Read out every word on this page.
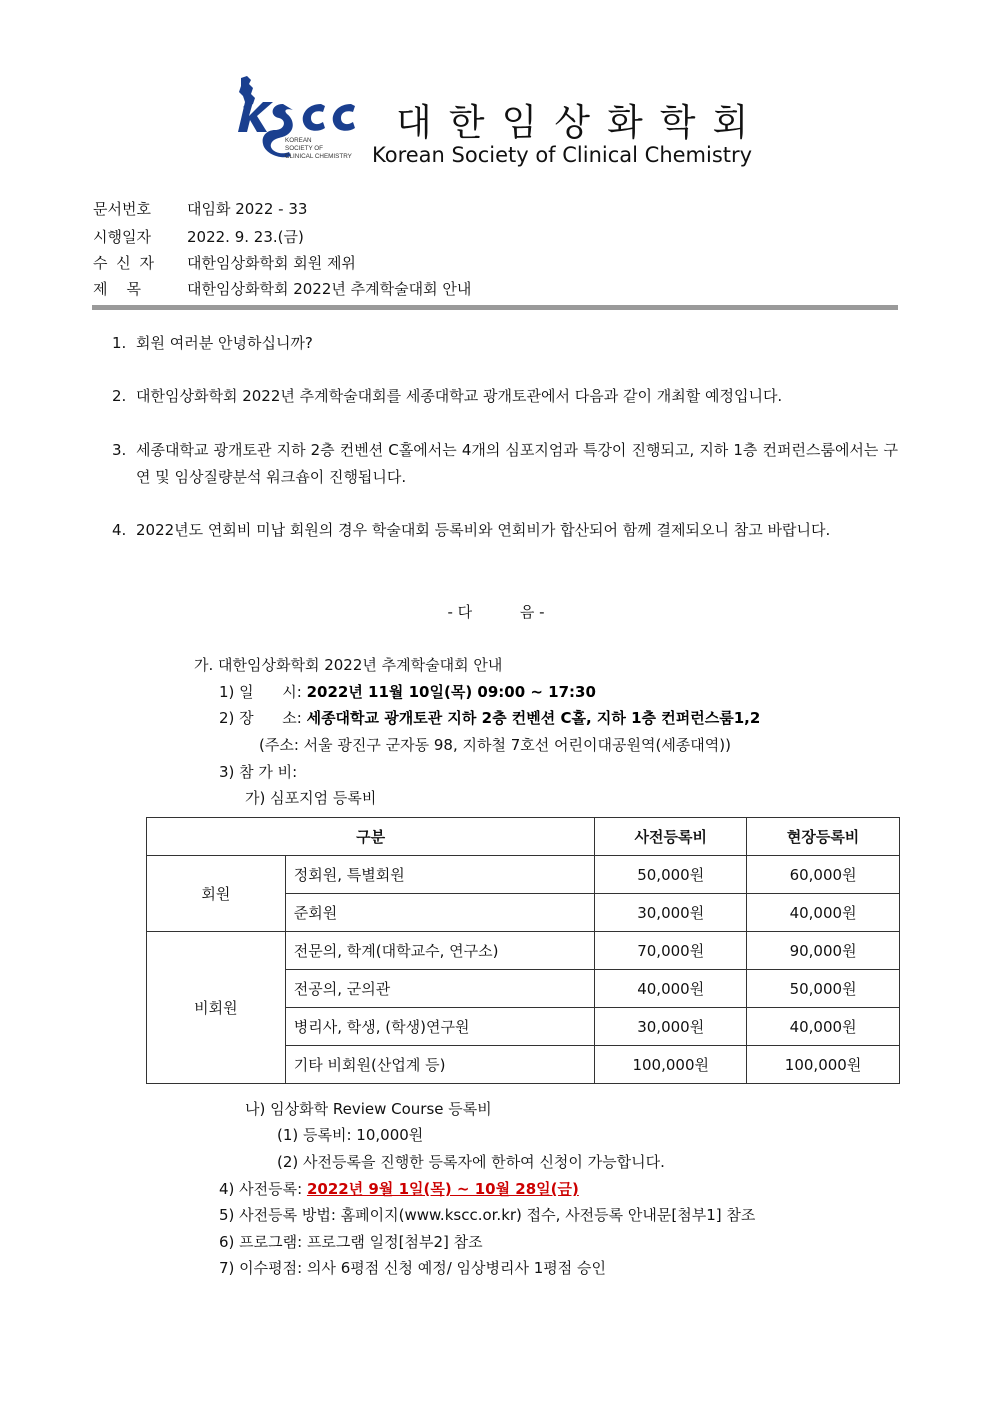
KOREAN
SOCIETY OF
CLINICAL CHEMISTRY
대한임상화학회
Korean Society of Clinical Chemistry
문서번호 대임화 2022 - 33
시행일자 2022. 9. 23.(금)
수 신 자 대한임상화학회 회원 제위
제    목	대한임상화학회 2022년 추계학술대회 안내
1. 회원 여러분 안녕하십니까?
2. 대한임상화학회 2022년 추계학술대회를 세종대학교 광개토관에서 다음과 같이 개최할 예정입니다.
3. 세종대학교 광개토관 지하 2층 컨벤션 C홀에서는 4개의 심포지엄과 특강이 진행되고, 지하 1층 컨퍼런스룸에서는 구연 및 임상질량분석 워크숍이 진행됩니다.
4. 2022년도 연회비 미납 회원의 경우 학술대회 등록비와 연회비가 합산되어 함께 결제되오니 참고 바랍니다.
- 다          음 -
가. 대한임상화학회 2022년 추계학술대회 안내
1) 일      시: 2022년 11월 10일(목) 09:00 ~ 17:30
2) 장      소: 세종대학교 광개토관 지하 2층 컨벤션 C홀, 지하 1층 컨퍼런스룸1,2
(주소: 서울 광진구 군자동 98, 지하철 7호선 어린이대공원역(세종대역))
3) 참 가 비:
가) 심포지엄 등록비
구분		사전등록비	현장등록비
회원	정회원, 특별회원	50,000원	60,000원
	준회원	30,000원	40,000원
비회원	전문의, 학계(대학교수, 연구소)	70,000원	90,000원
	전공의, 군의관	40,000원	50,000원
	병리사, 학생, (학생)연구원	30,000원	40,000원
	기타 비회원(산업계 등)	100,000원	100,000원
나) 임상화학 Review Course 등록비
(1) 등록비: 10,000원
(2) 사전등록을 진행한 등록자에 한하여 신청이 가능합니다.
4) 사전등록: 2022년 9월 1일(목) ~ 10월 28일(금)
5) 사전등록 방법: 홈페이지(www.kscc.or.kr) 접수, 사전등록 안내문[첨부1] 참조
6) 프로그램: 프로그램 일정[첨부2] 참조
7) 이수평점: 의사 6평점 신청 예정/ 임상병리사 1평점 승인
